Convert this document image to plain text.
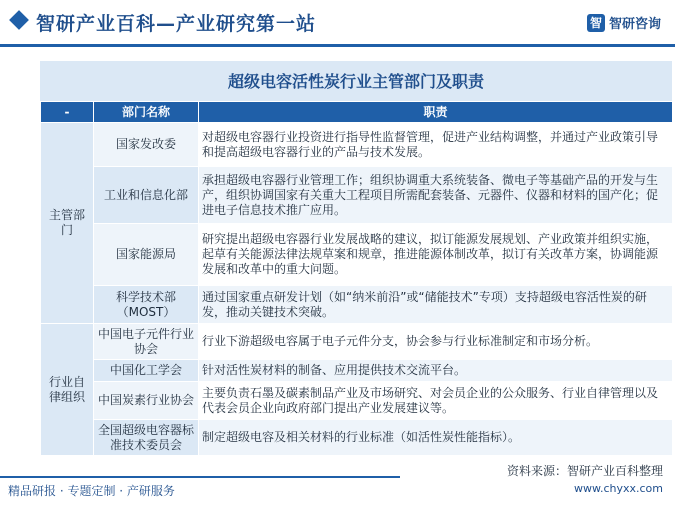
智研产业百科—产业研究第一站	智 智研咨询
超级电容活性炭行业主管部门及职责
-	部门名称	职责
主管部门	国家发改委	对超级电容器行业投资进行指导性监督管理，促进产业结构调整，并通过产业政策引导和提高超级电容器行业的产品与技术发展。
	工业和信息化部	承担超级电容器行业管理工作；组织协调重大系统装备、微电子等基础产品的开发与生产，组织协调国家有关重大工程项目所需配套装备、元器件、仪器和材料的国产化；促进电子信息技术推广应用。
	国家能源局	研究提出超级电容器行业发展战略的建议，拟订能源发展规划、产业政策并组织实施，起草有关能源法律法规草案和规章，推进能源体制改革，拟订有关改革方案，协调能源发展和改革中的重大问题。
	科学技术部（MOST）	通过国家重点研发计划（如“纳米前沿”或“储能技术”专项）支持超级电容活性炭的研发，推动关键技术突破。
行业自律组织	中国电子元件行业协会	行业下游超级电容属于电子元件分支，协会参与行业标准制定和市场分析。
	中国化工学会	针对活性炭材料的制备、应用提供技术交流平台。
	中国炭素行业协会	主要负责石墨及碳素制品产业及市场研究、对会员企业的公众服务、行业自律管理以及代表会员企业向政府部门提出产业发展建议等。
	全国超级电容器标准技术委员会	制定超级电容及相关材料的行业标准（如活性炭性能指标）。
资料来源：智研产业百科整理
精品研报 · 专题定制 · 产研服务	www.chyxx.com
